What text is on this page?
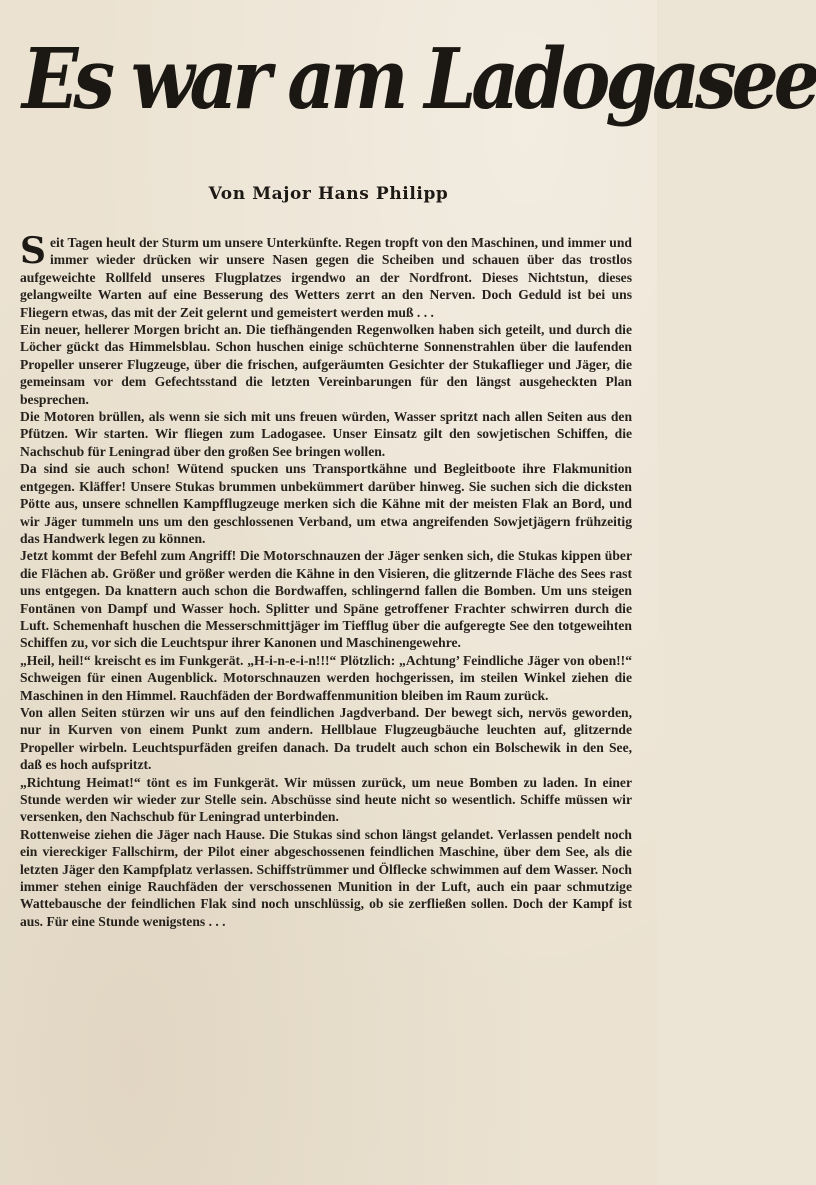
Es war am Ladogasee
Von Major Hans Philipp

Seit Tagen heult der Sturm um unsere Unterkünfte. Regen tropft von den Maschinen, und immer und immer wieder drücken wir unsere Nasen gegen die Scheiben und schauen über das trostlos aufgeweichte Rollfeld unseres Flugplatzes irgendwo an der Nordfront. Dieses Nichtstun, dieses gelangweilte Warten auf eine Besserung des Wetters zerrt an den Nerven. Doch Geduld ist bei uns Fliegern etwas, das mit der Zeit gelernt und gemeistert werden muß . . .

Ein neuer, hellerer Morgen bricht an. Die tiefhängenden Regenwolken haben sich geteilt, und durch die Löcher gückt das Himmelsblau. Schon huschen einige schüchterne Sonnenstrahlen über die laufenden Propeller unserer Flugzeuge, über die frischen, aufgeräumten Gesichter der Stukaflieger und Jäger, die gemeinsam vor dem Gefechtsstand die letzten Vereinbarungen für den längst ausgeheckten Plan besprechen.

Die Motoren brüllen, als wenn sie sich mit uns freuen würden, Wasser spritzt nach allen Seiten aus den Pfützen. Wir starten. Wir fliegen zum Ladogasee. Unser Einsatz gilt den sowjetischen Schiffen, die Nachschub für Leningrad über den großen See bringen wollen.

Da sind sie auch schon! Wütend spucken uns Transportkähne und Begleitboote ihre Flakmunition entgegen. Kläffer! Unsere Stukas brummen unbekümmert darüber hinweg. Sie suchen sich die dicksten Pötte aus, unsere schnellen Kampfflugzeuge merken sich die Kähne mit der meisten Flak an Bord, und wir Jäger tummeln uns um den geschlossenen Verband, um etwa angreifenden Sowjetjägern frühzeitig das Handwerk legen zu können.

Jetzt kommt der Befehl zum Angriff! Die Motorschnauzen der Jäger senken sich, die Stukas kippen über die Flächen ab. Größer und größer werden die Kähne in den Visieren, die glitzernde Fläche des Sees rast uns entgegen. Da knattern auch schon die Bordwaffen, schlingernd fallen die Bomben. Um uns steigen Fontänen von Dampf und Wasser hoch. Splitter und Späne getroffener Frachter schwirren durch die Luft. Schemenhaft huschen die Messerschmittjäger im Tiefflug über die aufgeregte See den totgeweihten Schiffen zu, vor sich die Leuchtspur ihrer Kanonen und Maschinengewehre.

„Heil, heil!“ kreischt es im Funkgerät. „H-i-n-e-i-n!!!“ Plötzlich: „Achtung’ Feindliche Jäger von oben!!“ Schweigen für einen Augenblick. Motorschnauzen werden hochgerissen, im steilen Winkel ziehen die Maschinen in den Himmel. Rauchfäden der Bordwaffenmunition bleiben im Raum zurück.

Von allen Seiten stürzen wir uns auf den feindlichen Jagdverband. Der bewegt sich, nervös geworden, nur in Kurven von einem Punkt zum andern. Hellblaue Flugzeugbäuche leuchten auf, glitzernde Propeller wirbeln. Leuchtspurfäden greifen danach. Da trudelt auch schon ein Bolschewik in den See, daß es hoch aufspritzt.

„Richtung Heimat!“ tönt es im Funkgerät. Wir müssen zurück, um neue Bomben zu laden. In einer Stunde werden wir wieder zur Stelle sein. Abschüsse sind heute nicht so wesentlich. Schiffe müssen wir versenken, den Nachschub für Leningrad unterbinden.

Rottenweise ziehen die Jäger nach Hause. Die Stukas sind schon längst gelandet. Verlassen pendelt noch ein viereckiger Fallschirm, der Pilot einer abgeschossenen feindlichen Maschine, über dem See, als die letzten Jäger den Kampfplatz verlassen. Schiffstrümmer und Ölflecke schwimmen auf dem Wasser. Noch immer stehen einige Rauchfäden der verschossenen Munition in der Luft, auch ein paar schmutzige Wattebausche der feindlichen Flak sind noch unschlüssig, ob sie zerfließen sollen. Doch der Kampf ist aus. Für eine Stunde wenigstens . . .
